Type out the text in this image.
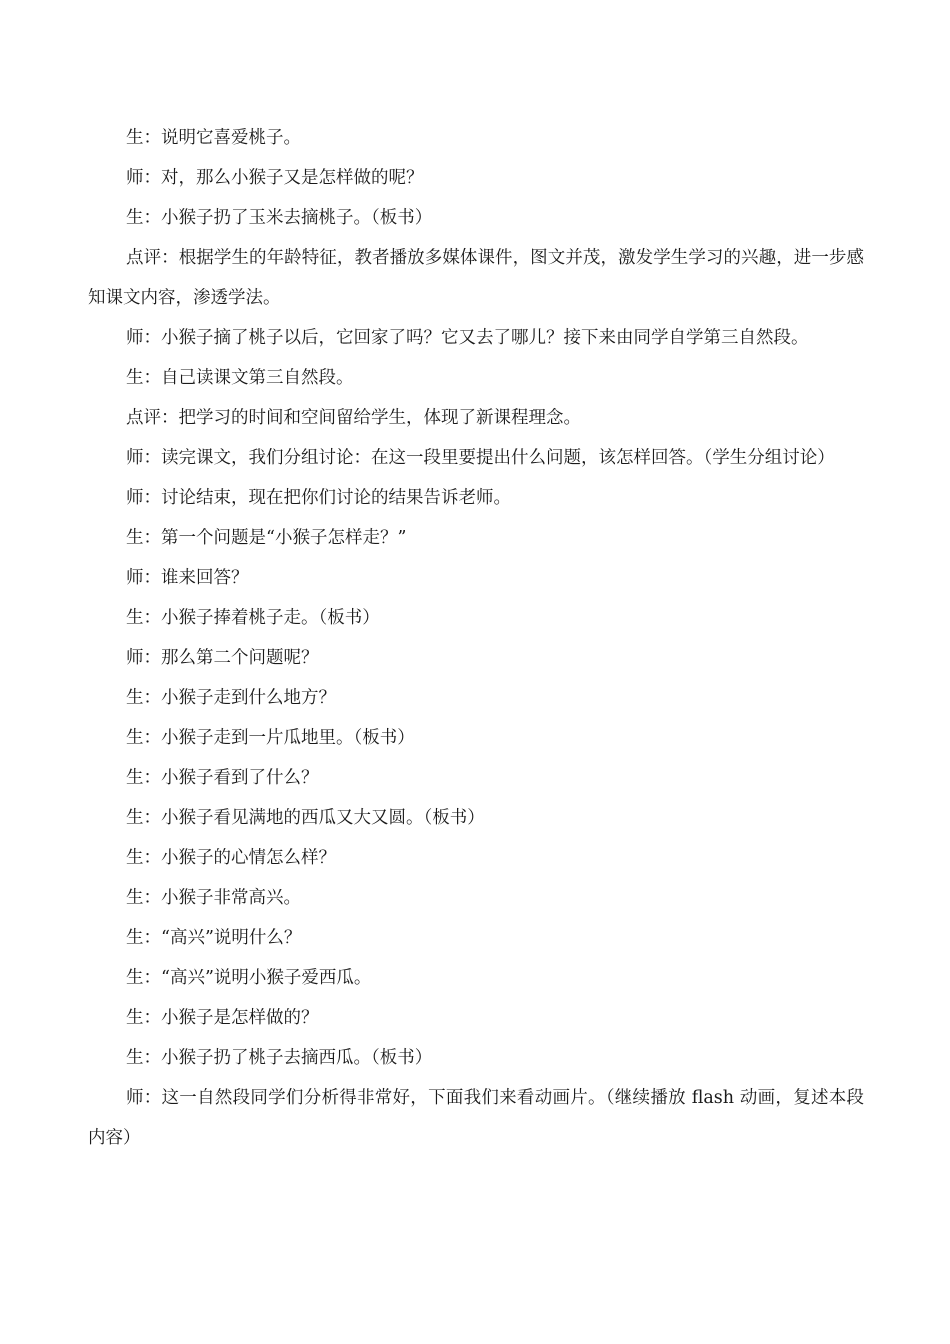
生：说明它喜爱桃子。

师：对，那么小猴子又是怎样做的呢？

生：小猴子扔了玉米去摘桃子。（板书）

点评：根据学生的年龄特征，教者播放多媒体课件，图文并茂，激发学生学习的兴趣，进一步感知课文内容，渗透学法。

师：小猴子摘了桃子以后，它回家了吗？它又去了哪儿？接下来由同学自学第三自然段。

生：自己读课文第三自然段。

点评：把学习的时间和空间留给学生，体现了新课程理念。

师：读完课文，我们分组讨论：在这一段里要提出什么问题，该怎样回答。（学生分组讨论）

师：讨论结束，现在把你们讨论的结果告诉老师。

生：第一个问题是“小猴子怎样走？”

师：谁来回答？

生：小猴子捧着桃子走。（板书）

师：那么第二个问题呢？

生：小猴子走到什么地方？

生：小猴子走到一片瓜地里。（板书）

生：小猴子看到了什么？

生：小猴子看见满地的西瓜又大又圆。（板书）

生：小猴子的心情怎么样？

生：小猴子非常高兴。

生：“高兴”说明什么？

生：“高兴”说明小猴子爱西瓜。

生：小猴子是怎样做的？

生：小猴子扔了桃子去摘西瓜。（板书）

师：这一自然段同学们分析得非常好，下面我们来看动画片。（继续播放 flash 动画，复述本段内容）
